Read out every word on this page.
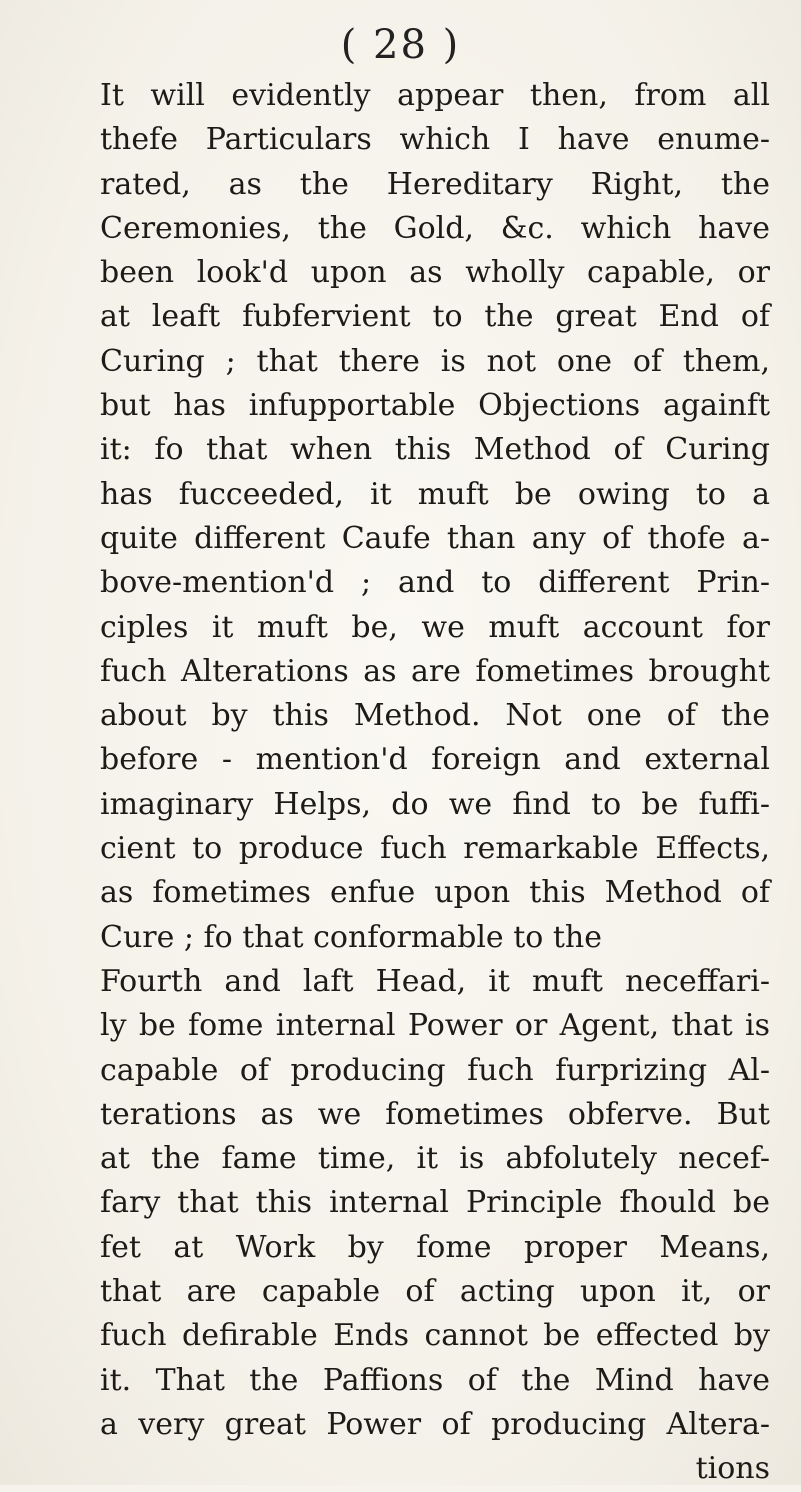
( 28 )
It will evidently appear then, from all
thefe Particulars which I have enume-
rated, as the Hereditary Right, the
Ceremonies, the Gold, &c. which have
been look'd upon as wholly capable, or
at leaft fubfervient to the great End of
Curing ; that there is not one of them,
but has infupportable Objections againft
it: fo that when this Method of Curing
has fucceeded, it muft be owing to a
quite different Caufe than any of thofe a-
bove-mention'd ; and to different Prin-
ciples it muft be, we muft account for
fuch Alterations as are fometimes brought
about by this Method. Not one of the
before - mention'd foreign and external
imaginary Helps, do we find to be fuffi-
cient to produce fuch remarkable Effects,
as fometimes enfue upon this Method of
Cure ; fo that conformable to the
Fourth and laft Head, it muft neceffari-
ly be fome internal Power or Agent, that is
capable of producing fuch furprizing Al-
terations as we fometimes obferve. But
at the fame time, it is abfolutely necef-
fary that this internal Principle fhould be
fet at Work by fome proper Means,
that are capable of acting upon it, or
fuch defirable Ends cannot be effected by
it. That the Paffions of the Mind have
a very great Power of producing Altera-
tions
